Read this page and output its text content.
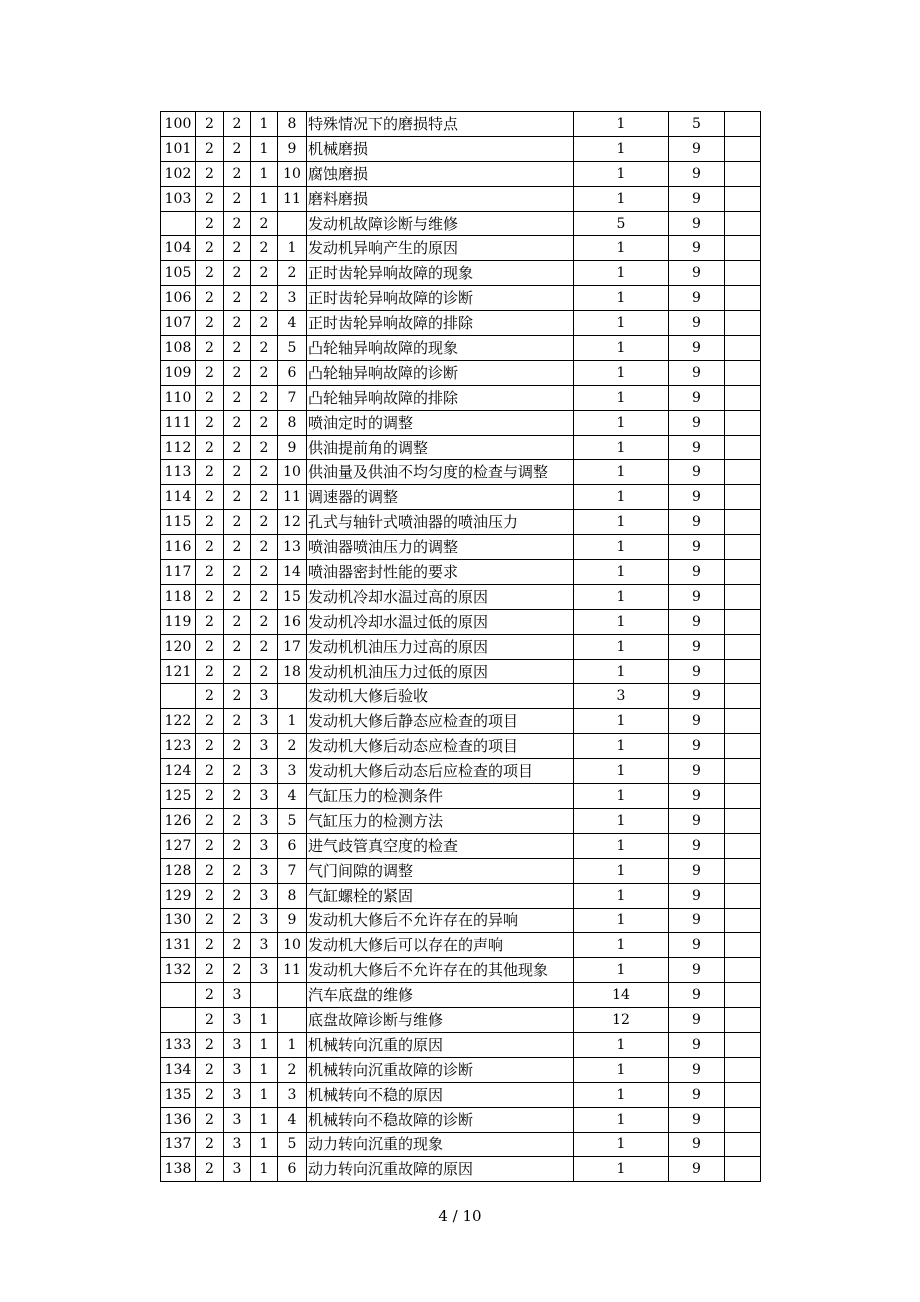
100	2	2	1	8	特殊情况下的磨损特点	1	5	
101	2	2	1	9	机械磨损	1	9	
102	2	2	1	10	腐蚀磨损	1	9	
103	2	2	1	11	磨料磨损	1	9	
	2	2	2		发动机故障诊断与维修	5	9	
104	2	2	2	1	发动机异响产生的原因	1	9	
105	2	2	2	2	正时齿轮异响故障的现象	1	9	
106	2	2	2	3	正时齿轮异响故障的诊断	1	9	
107	2	2	2	4	正时齿轮异响故障的排除	1	9	
108	2	2	2	5	凸轮轴异响故障的现象	1	9	
109	2	2	2	6	凸轮轴异响故障的诊断	1	9	
110	2	2	2	7	凸轮轴异响故障的排除	1	9	
111	2	2	2	8	喷油定时的调整	1	9	
112	2	2	2	9	供油提前角的调整	1	9	
113	2	2	2	10	供油量及供油不均匀度的检查与调整	1	9	
114	2	2	2	11	调速器的调整	1	9	
115	2	2	2	12	孔式与轴针式喷油器的喷油压力	1	9	
116	2	2	2	13	喷油器喷油压力的调整	1	9	
117	2	2	2	14	喷油器密封性能的要求	1	9	
118	2	2	2	15	发动机冷却水温过高的原因	1	9	
119	2	2	2	16	发动机冷却水温过低的原因	1	9	
120	2	2	2	17	发动机机油压力过高的原因	1	9	
121	2	2	2	18	发动机机油压力过低的原因	1	9	
	2	2	3		发动机大修后验收	3	9	
122	2	2	3	1	发动机大修后静态应检查的项目	1	9	
123	2	2	3	2	发动机大修后动态应检查的项目	1	9	
124	2	2	3	3	发动机大修后动态后应检查的项目	1	9	
125	2	2	3	4	气缸压力的检测条件	1	9	
126	2	2	3	5	气缸压力的检测方法	1	9	
127	2	2	3	6	进气歧管真空度的检查	1	9	
128	2	2	3	7	气门间隙的调整	1	9	
129	2	2	3	8	气缸螺栓的紧固	1	9	
130	2	2	3	9	发动机大修后不允许存在的异响	1	9	
131	2	2	3	10	发动机大修后可以存在的声响	1	9	
132	2	2	3	11	发动机大修后不允许存在的其他现象	1	9	
	2	3			汽车底盘的维修	14	9	
	2	3	1		底盘故障诊断与维修	12	9	
133	2	3	1	1	机械转向沉重的原因	1	9	
134	2	3	1	2	机械转向沉重故障的诊断	1	9	
135	2	3	1	3	机械转向不稳的原因	1	9	
136	2	3	1	4	机械转向不稳故障的诊断	1	9	
137	2	3	1	5	动力转向沉重的现象	1	9	
138	2	3	1	6	动力转向沉重故障的原因	1	9	
4 / 10
